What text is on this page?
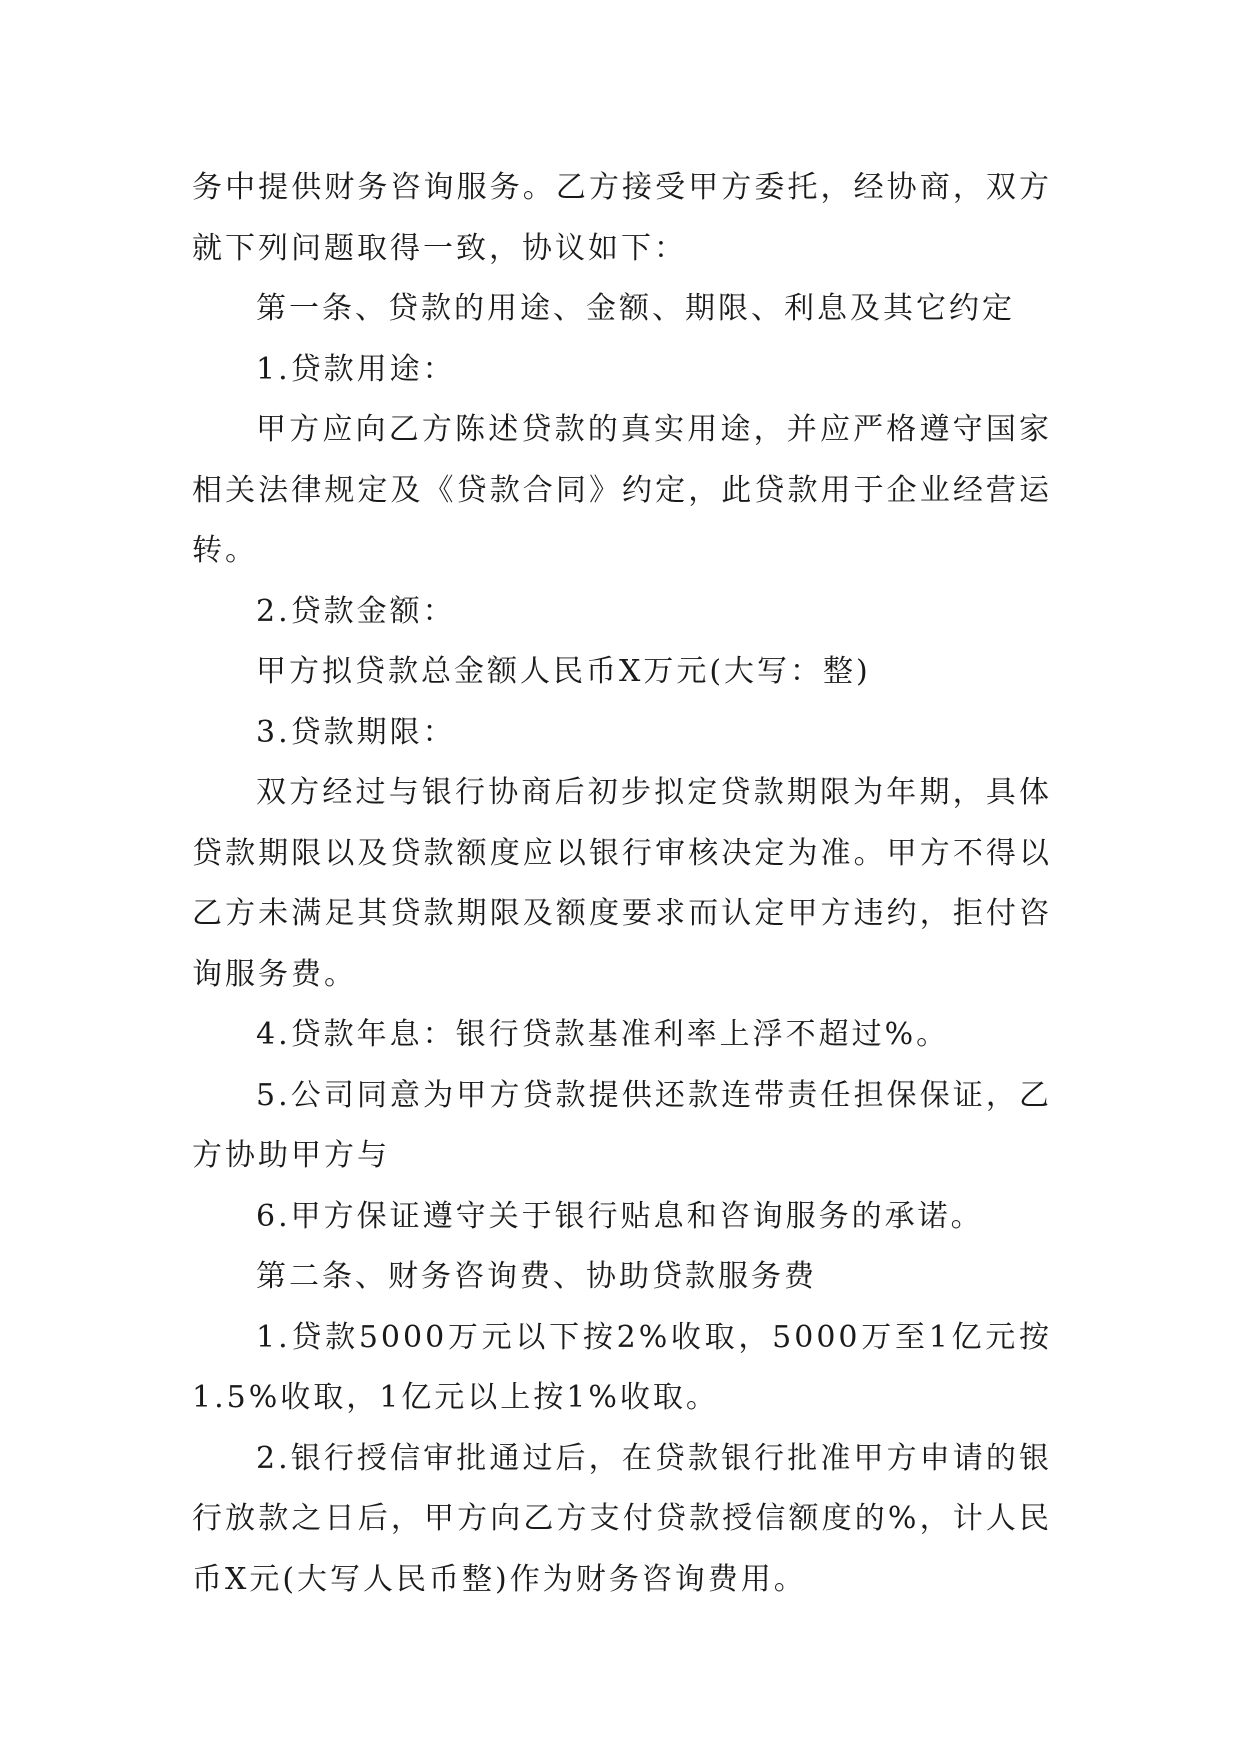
务中提供财务咨询服务。乙方接受甲方委托，经协商，双方
就下列问题取得一致，协议如下：
第一条、贷款的用途、金额、期限、利息及其它约定
1.贷款用途：
甲方应向乙方陈述贷款的真实用途，并应严格遵守国家
相关法律规定及《贷款合同》约定，此贷款用于企业经营运
转。
2.贷款金额：
甲方拟贷款总金额人民币X万元(大写：整)
3.贷款期限：
双方经过与银行协商后初步拟定贷款期限为年期，具体
贷款期限以及贷款额度应以银行审核决定为准。甲方不得以
乙方未满足其贷款期限及额度要求而认定甲方违约，拒付咨
询服务费。
4.贷款年息：银行贷款基准利率上浮不超过%。
5.公司同意为甲方贷款提供还款连带责任担保保证，乙
方协助甲方与
6.甲方保证遵守关于银行贴息和咨询服务的承诺。
第二条、财务咨询费、协助贷款服务费
1.贷款5000万元以下按2%收取，5000万至1亿元按
1.5%收取，1亿元以上按1%收取。
2.银行授信审批通过后，在贷款银行批准甲方申请的银
行放款之日后，甲方向乙方支付贷款授信额度的%，计人民
币X元(大写人民币整)作为财务咨询费用。
